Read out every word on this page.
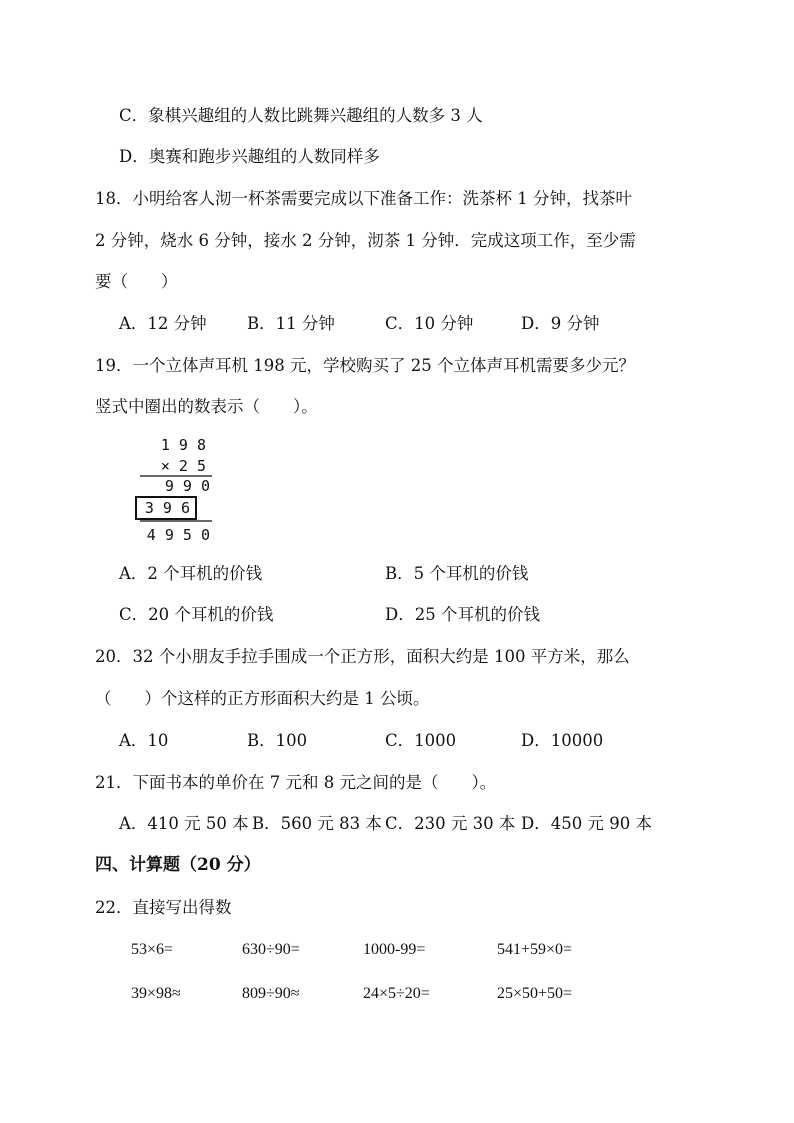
C．象棋兴趣组的人数比跳舞兴趣组的人数多 3 人
D．奥赛和跑步兴趣组的人数同样多
18．小明给客人沏一杯茶需要完成以下准备工作：洗茶杯 1 分钟，找茶叶
2 分钟，烧水 6 分钟，接水 2 分钟，沏茶 1 分钟．完成这项工作，至少需
要（　　）
A．12 分钟 B．11 分钟	C．10 分钟	D．9 分钟
19．一个立体声耳机 198 元，学校购买了 25 个立体声耳机需要多少元？
竖式中圈出的数表示（　　）。
1 9 8
× 2 5
9 9 0
3 9 6
4 9 5 0
A．2 个耳机的价钱	B．5 个耳机的价钱
C．20 个耳机的价钱	D．25 个耳机的价钱
20．32 个小朋友手拉手围成一个正方形，面积大约是 100 平方米，那么
（　　）个这样的正方形面积大约是 1 公顷。
A．10	B．100	C．1000	D．10000
21．下面书本的单价在 7 元和 8 元之间的是（　　）。
A．410 元 50 本 B．560 元 83 本 C．230 元 30 本 D．450 元 90 本
四、计算题（20 分）
22．直接写出得数
53×6=	630÷90=	1000-99=	541+59×0=
39×98≈	809÷90≈	24×5÷20=	25×50+50=
